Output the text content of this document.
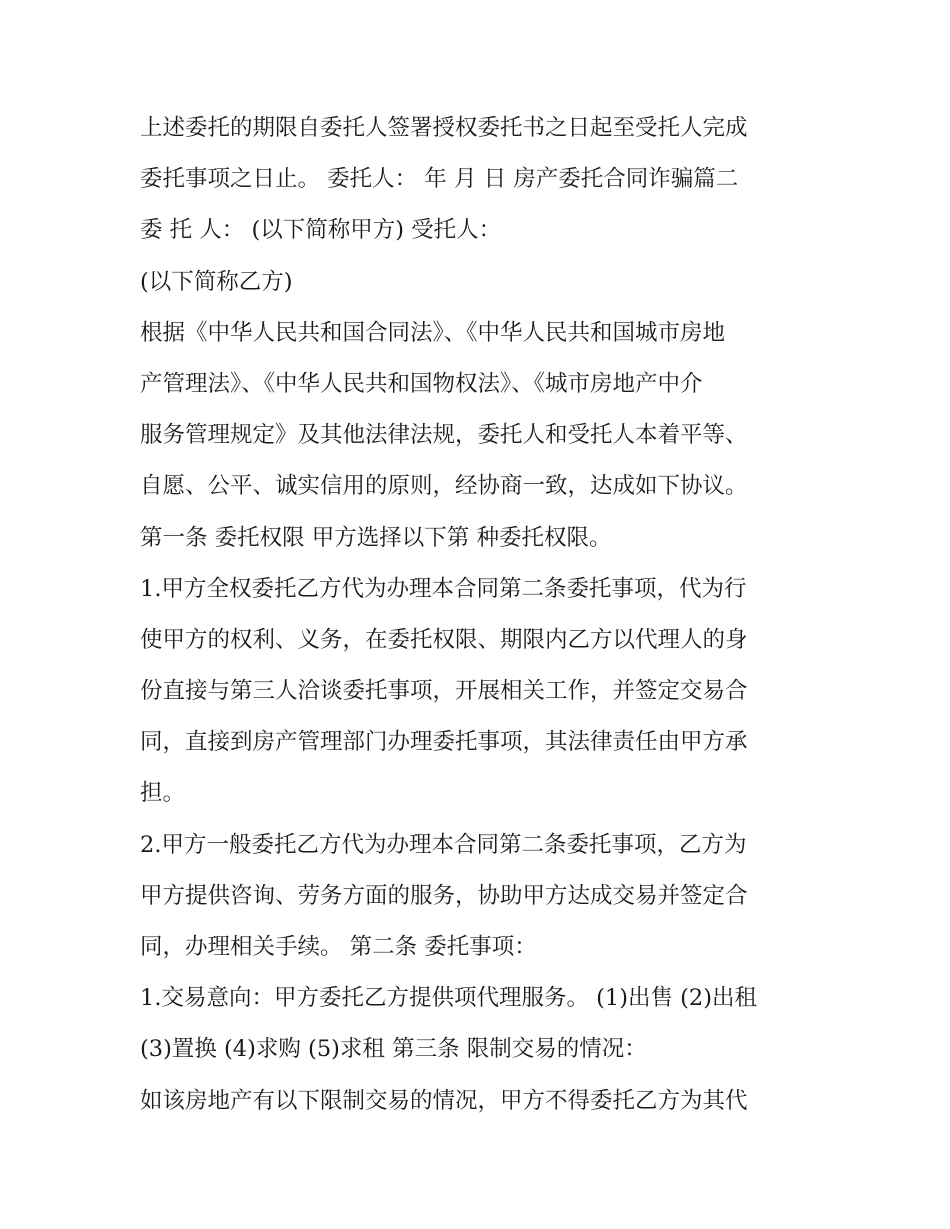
上述委托的期限自委托人签署授权委托书之日起至受托人完成
委托事项之日止。 委托人： 年 月 日 房产委托合同诈骗篇二
委 托 人： (以下简称甲方) 受托人：
(以下简称乙方)
根据《中华人民共和国合同法》、《中华人民共和国城市房地
产管理法》、《中华人民共和国物权法》、《城市房地产中介
服务管理规定》及其他法律法规，委托人和受托人本着平等、
自愿、公平、诚实信用的原则，经协商一致，达成如下协议。
第一条 委托权限 甲方选择以下第 种委托权限。
1.甲方全权委托乙方代为办理本合同第二条委托事项，代为行
使甲方的权利、义务，在委托权限、期限内乙方以代理人的身
份直接与第三人洽谈委托事项，开展相关工作，并签定交易合
同，直接到房产管理部门办理委托事项，其法律责任由甲方承
担。
2.甲方一般委托乙方代为办理本合同第二条委托事项，乙方为
甲方提供咨询、劳务方面的服务，协助甲方达成交易并签定合
同，办理相关手续。 第二条 委托事项：
1.交易意向：甲方委托乙方提供项代理服务。 (1)出售 (2)出租
(3)置换 (4)求购 (5)求租 第三条 限制交易的情况：
如该房地产有以下限制交易的情况，甲方不得委托乙方为其代
